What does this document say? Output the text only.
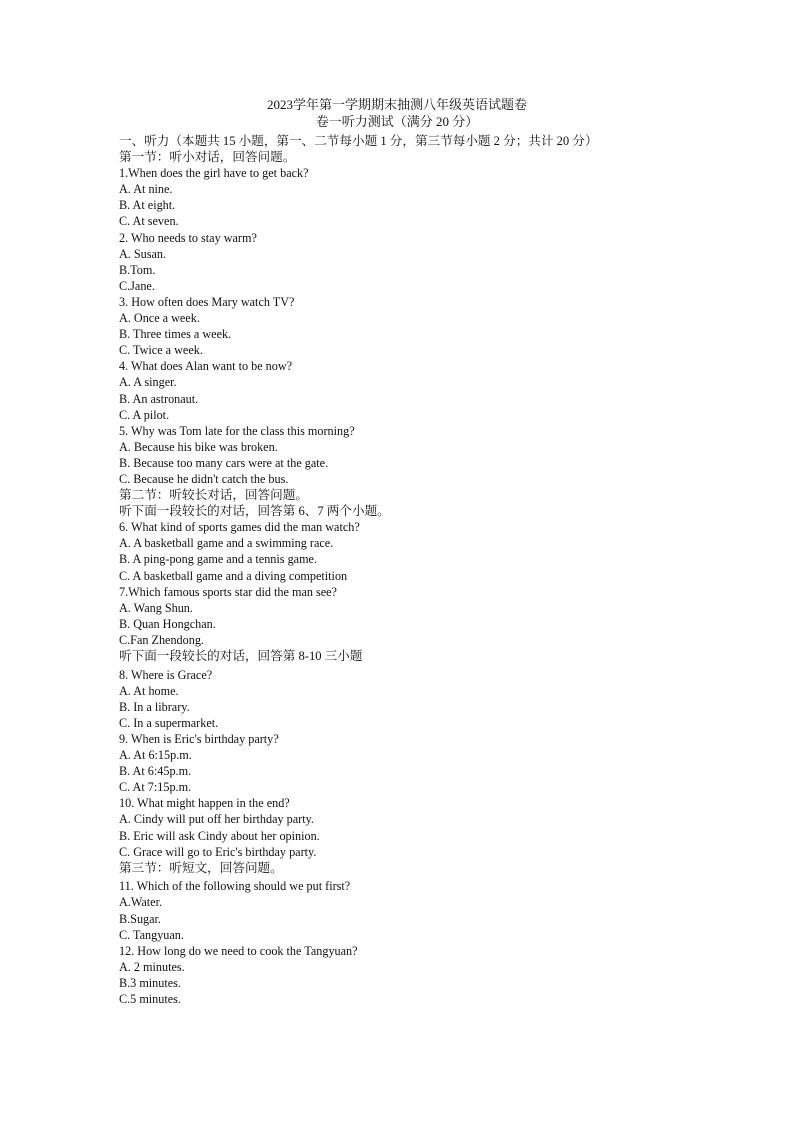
2023学年第一学期期末抽测八年级英语试题卷
卷一听力测试（满分 20 分）
一、听力（本题共 15 小题，第一、二节每小题 1 分，第三节每小题 2 分；共计 20 分）
第一节：听小对话，回答问题。
1.When does the girl have to get back?
A. At nine.
B. At eight.
C. At seven.
2. Who needs to stay warm?
A. Susan.
B.Tom.
C.Jane.
3. How often does Mary watch TV?
A. Once a week.
B. Three times a week.
C. Twice a week.
4. What does Alan want to be now?
A. A singer.
B. An astronaut.
C. A pilot.
5. Why was Tom late for the class this morning?
A. Because his bike was broken.
B. Because too many cars were at the gate.
C. Because he didn't catch the bus.
第二节：听较长对话，回答问题。
听下面一段较长的对话，回答第 6、7 两个小题。
6. What kind of sports games did the man watch?
A. A basketball game and a swimming race.
B. A ping-pong game and a tennis game.
C. A basketball game and a diving competition
7.Which famous sports star did the man see?
A. Wang Shun.
B. Quan Hongchan.
C.Fan Zhendong.
听下面一段较长的对话，回答第 8-10 三小题
8. Where is Grace?
A. At home.
B. In a library.
C. In a supermarket.
9. When is Eric's birthday party?
A. At 6:15p.m.
B. At 6:45p.m.
C. At 7:15p.m.
10. What might happen in the end?
A. Cindy will put off her birthday party.
B. Eric will ask Cindy about her opinion.
C. Grace will go to Eric's birthday party.
第三节：听短文，回答问题。
11. Which of the following should we put first?
A.Water.
B.Sugar.
C. Tangyuan.
12. How long do we need to cook the Tangyuan?
A. 2 minutes.
B.3 minutes.
C.5 minutes.
